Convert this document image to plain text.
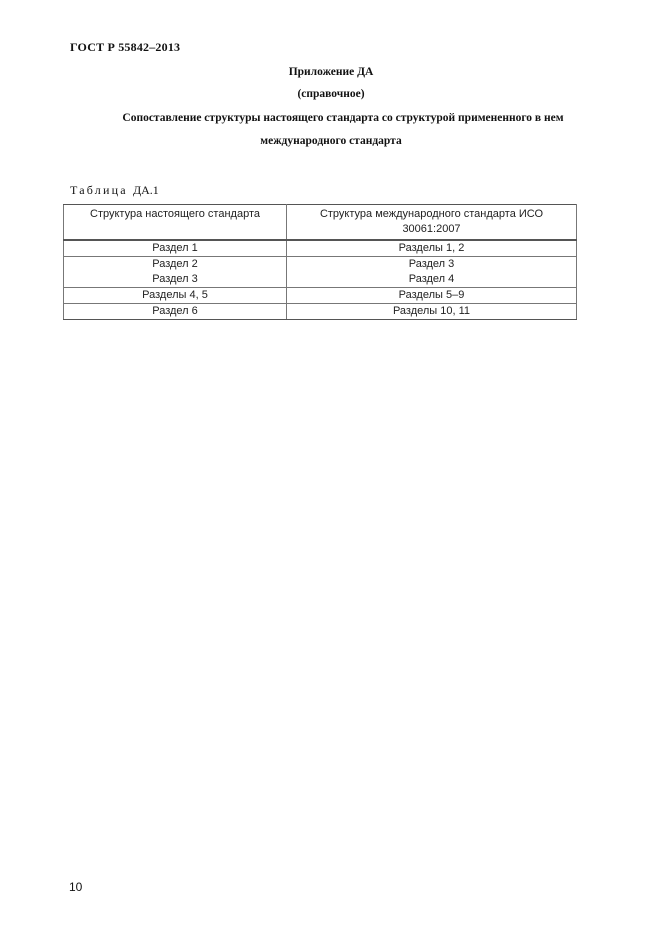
ГОСТ Р 55842–2013
Приложение ДА
(справочное)
Сопоставление структуры настоящего стандарта со структурой примененного в нем
международного стандарта
Таблица ДА.1
Структура настоящего стандарта	Структура международного стандарта ИСО 30061:2007
Раздел 1	Разделы 1, 2
Раздел 2	Раздел 3
Раздел 3	Раздел 4
Разделы 4, 5	Разделы 5–9
Раздел 6	Разделы 10, 11
10
